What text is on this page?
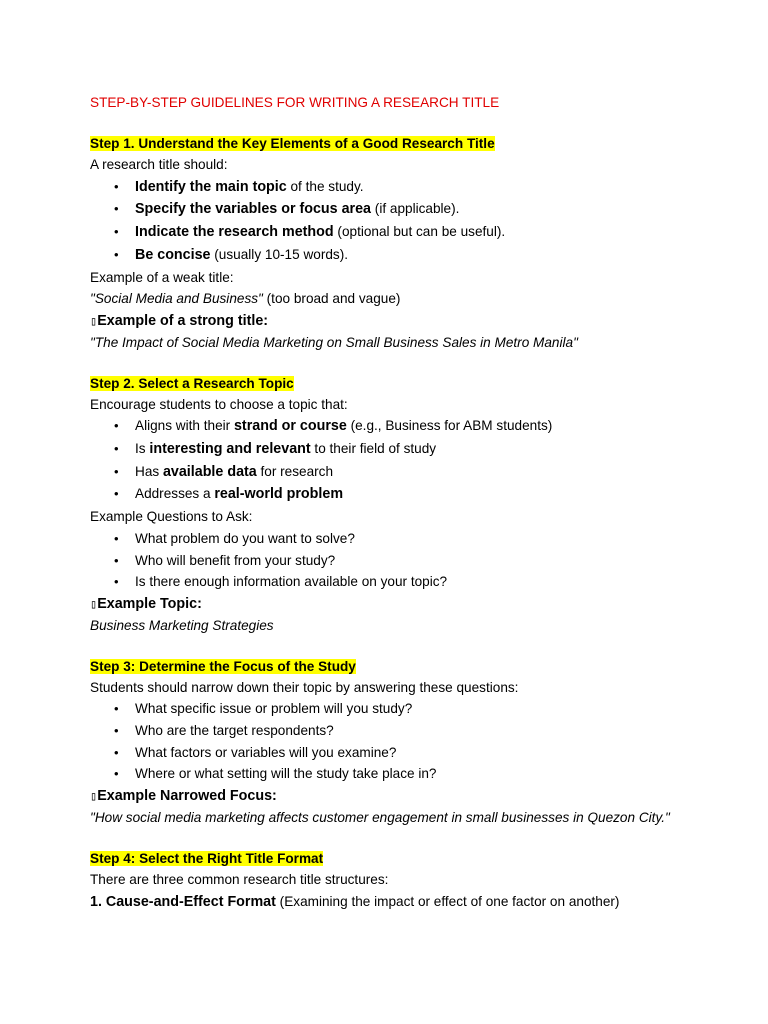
STEP-BY-STEP GUIDELINES FOR WRITING A RESEARCH TITLE

Step 1. Understand the Key Elements of a Good Research Title

A research title should:

• Identify the main topic of the study.
• Specify the variables or focus area (if applicable).
• Indicate the research method (optional but can be useful).
• Be concise (usually 10-15 words).

Example of a weak title:

"Social Media and Business" (too broad and vague)

▯Example of a strong title:

"The Impact of Social Media Marketing on Small Business Sales in Metro Manila"

Step 2. Select a Research Topic

Encourage students to choose a topic that:

• Aligns with their strand or course (e.g., Business for ABM students)
• Is interesting and relevant to their field of study
• Has available data for research
• Addresses a real-world problem

Example Questions to Ask:

• What problem do you want to solve?
• Who will benefit from your study?
• Is there enough information available on your topic?

▯Example Topic:

Business Marketing Strategies

Step 3: Determine the Focus of the Study

Students should narrow down their topic by answering these questions:

• What specific issue or problem will you study?
• Who are the target respondents?
• What factors or variables will you examine?
• Where or what setting will the study take place in?

▯Example Narrowed Focus:

"How social media marketing affects customer engagement in small businesses in Quezon City."

Step 4: Select the Right Title Format

There are three common research title structures:

1. Cause-and-Effect Format (Examining the impact or effect of one factor on another)
